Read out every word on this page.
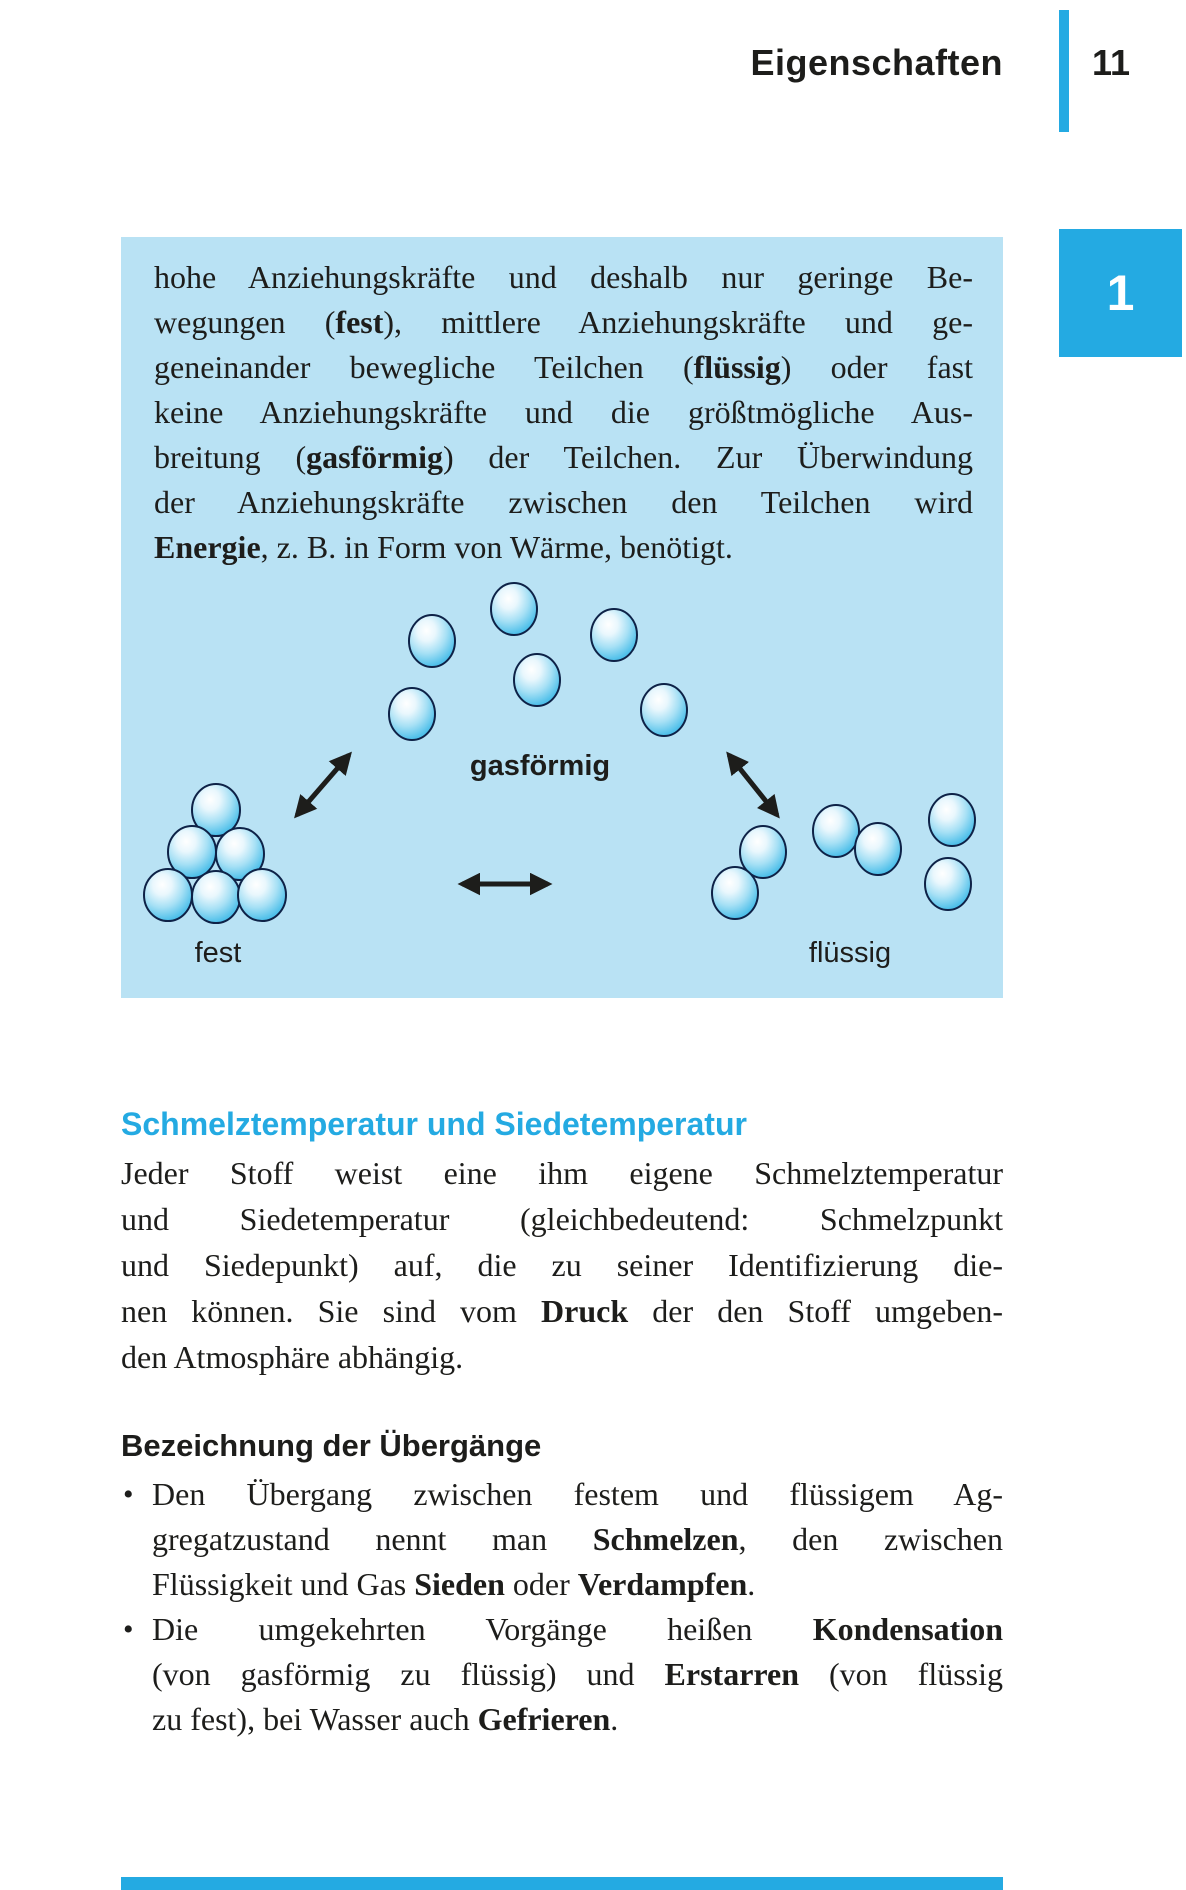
Eigenschaften 11
1
hohe Anziehungskräfte und deshalb nur geringe Be-
wegungen (fest), mittlere Anziehungskräfte und ge-
geneinander bewegliche Teilchen (flüssig) oder fast
keine Anziehungskräfte und die größtmögliche Aus-
breitung (gasförmig) der Teilchen. Zur Überwindung
der Anziehungskräfte zwischen den Teilchen wird
Energie, z. B. in Form von Wärme, benötigt.
gasförmig
fest	flüssig
Schmelztemperatur und Siedetemperatur
Jeder Stoff weist eine ihm eigene Schmelztemperatur
und Siedetemperatur (gleichbedeutend: Schmelzpunkt
und Siedepunkt) auf, die zu seiner Identifizierung die-
nen können. Sie sind vom Druck der den Stoff umgeben-
den Atmosphäre abhängig.
Bezeichnung der Übergänge
• Den Übergang zwischen festem und flüssigem Ag-
gregatzustand nennt man Schmelzen, den zwischen
Flüssigkeit und Gas Sieden oder Verdampfen.
• Die umgekehrten Vorgänge heißen Kondensation
(von gasförmig zu flüssig) und Erstarren (von flüssig
zu fest), bei Wasser auch Gefrieren.
